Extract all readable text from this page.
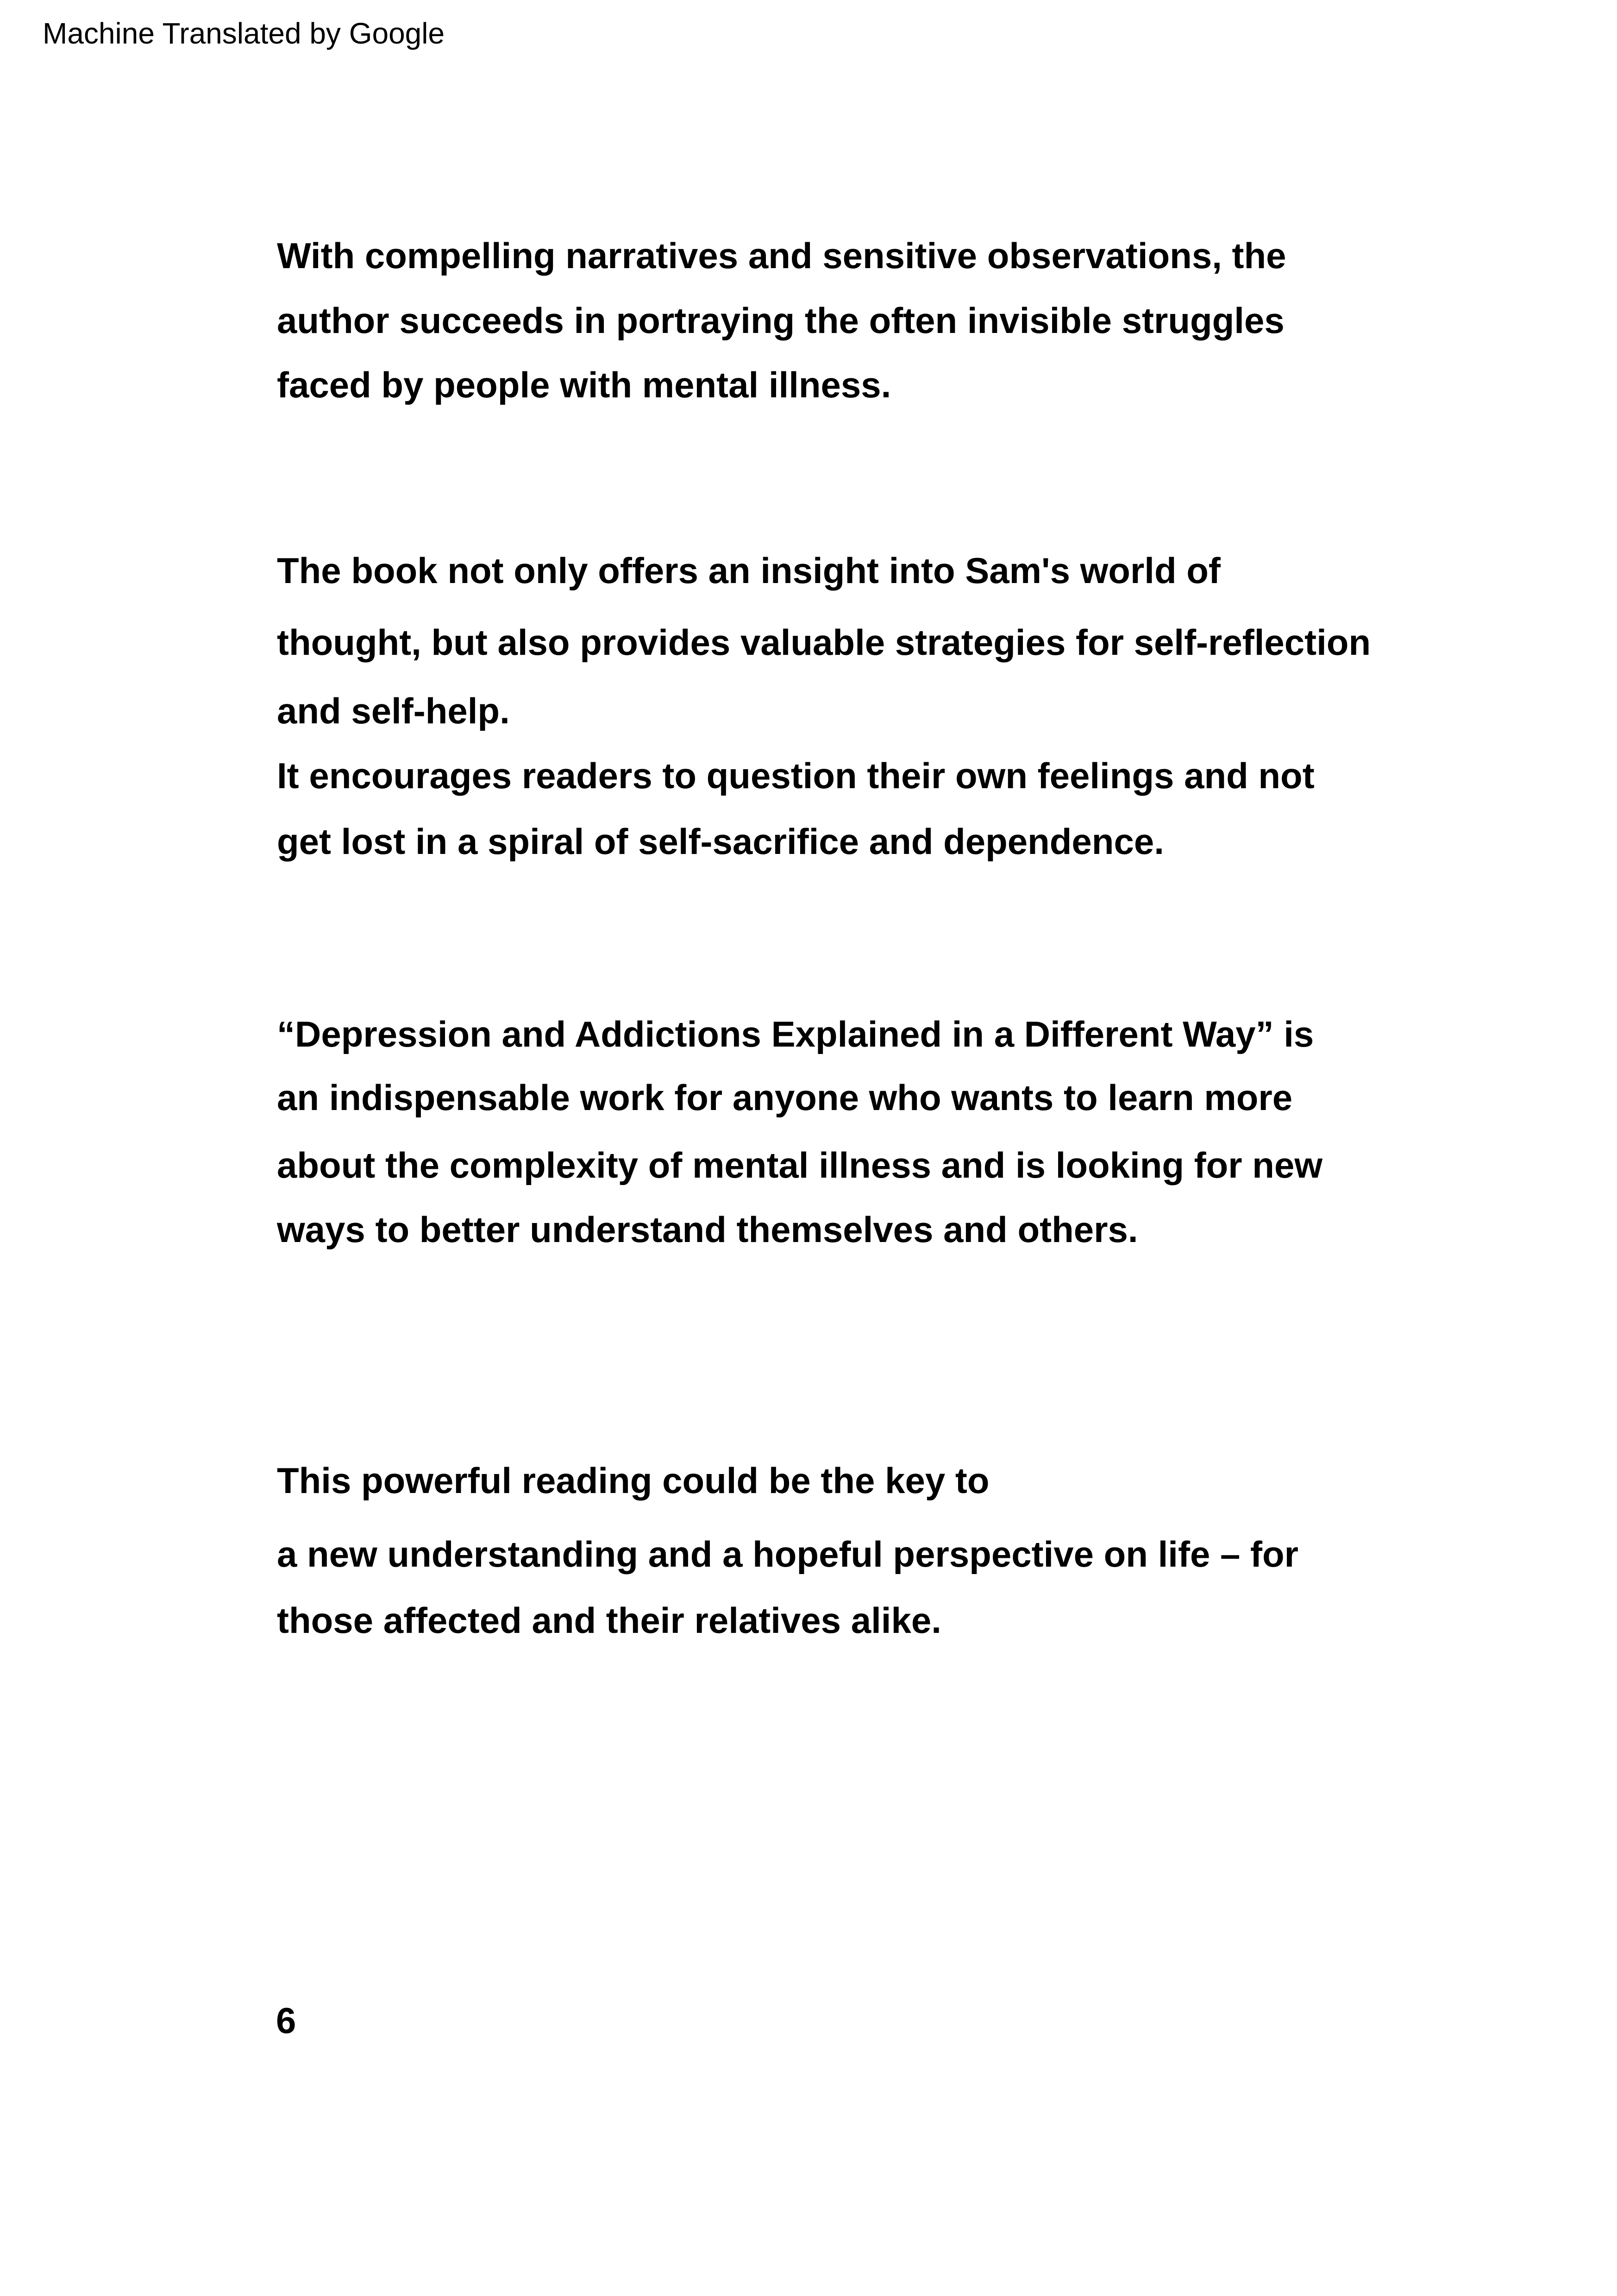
Machine Translated by Google
With compelling narratives and sensitive observations, the
author succeeds in portraying the often invisible struggles
faced by people with mental illness.
The book not only offers an insight into Sam's world of
thought, but also provides valuable strategies for self-reflection
and self-help.
It encourages readers to question their own feelings and not
get lost in a spiral of self-sacrifice and dependence.
“Depression and Addictions Explained in a Different Way” is
an indispensable work for anyone who wants to learn more
about the complexity of mental illness and is looking for new
ways to better understand themselves and others.
This powerful reading could be the key to
a new understanding and a hopeful perspective on life – for
those affected and their relatives alike.
6
